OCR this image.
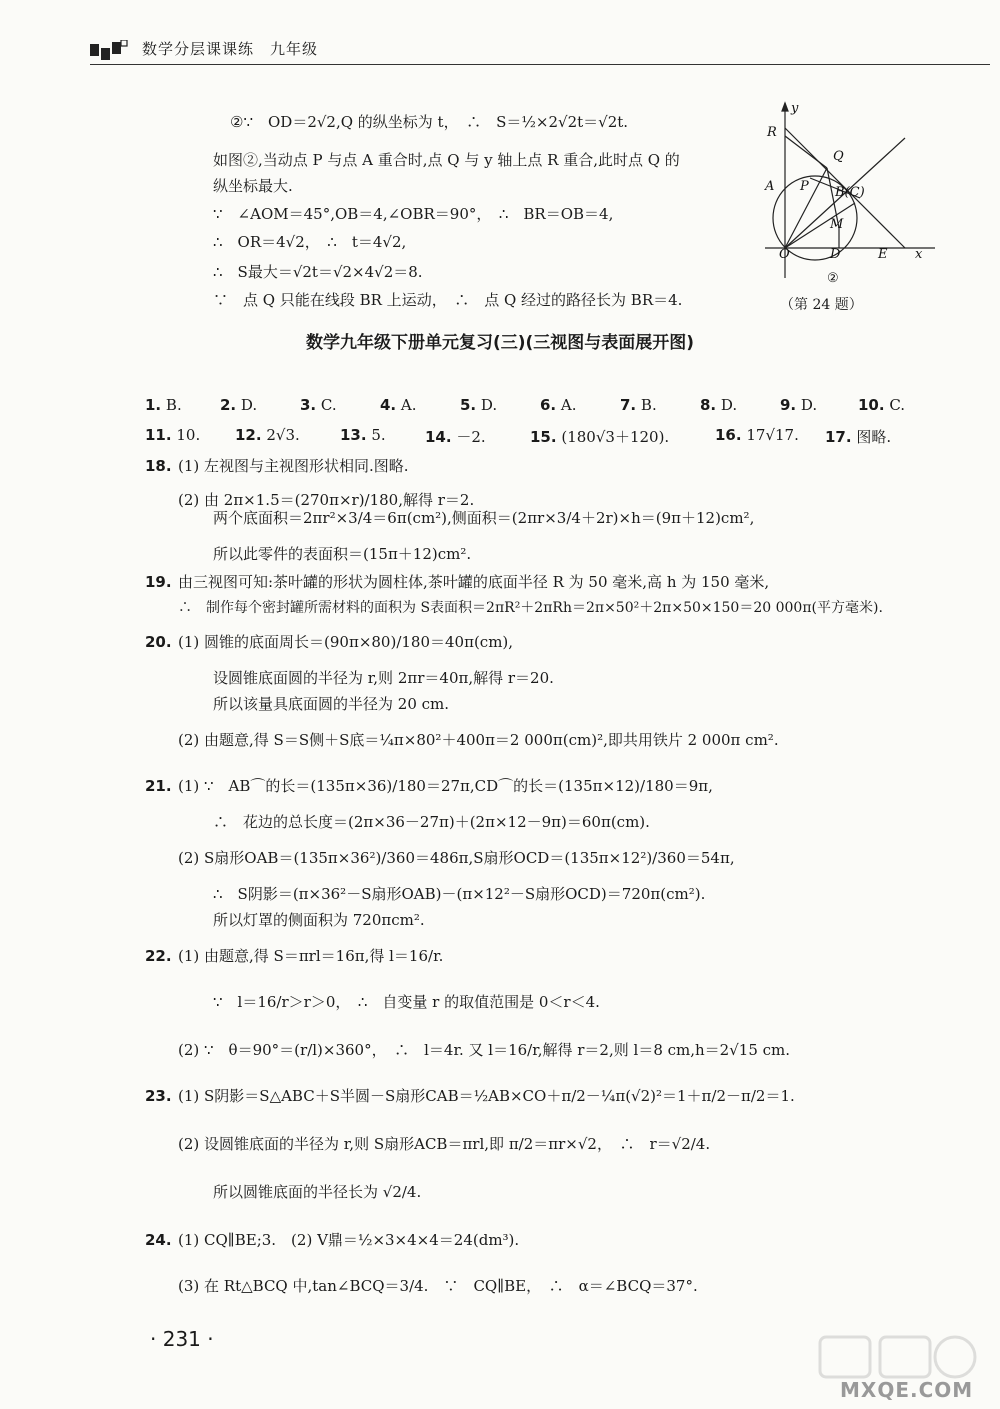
数学分层课课练　九年级
②∵　OD＝2√2,Q 的纵坐标为 t，　∴　S＝½×2√2t＝√2t.
如图②,当动点 P 与点 A 重合时,点 Q 与 y 轴上点 R 重合,此时点 Q 的
纵坐标最大.
∵　∠AOM＝45°,OB＝4,∠OBR＝90°，　∴　BR＝OB＝4,
∴　OR＝4√2，　∴　t＝4√2,
∴　S最大＝√2t＝√2×4√2＝8.
∵　点 Q 只能在线段 BR 上运动，　∴　点 Q 经过的路径长为 BR＝4.
y
R
Q
A P B(C)
M
O	D	E x
②
（第 24 题）
数学九年级下册单元复习(三)(三视图与表面展开图)
1. B.	2. D.	3. C.	4. A.	5. D.	6. A.	7. B.	8. D.	9. D.	10. C.
11. 10. 12. 2√3.	13. 5.	14. －2.	15. (180√3＋120).	16. 17√17. 17. 图略.
18. (1) 左视图与主视图形状相同.图略.
(2) 由 2π×1.5＝(270π×r)/180,解得 r＝2.
两个底面积＝2πr²×3/4＝6π(cm²),侧面积＝(2πr×3/4＋2r)×h＝(9π＋12)cm²,
所以此零件的表面积＝(15π＋12)cm².
19. 由三视图可知:茶叶罐的形状为圆柱体,茶叶罐的底面半径 R 为 50 毫米,高 h 为 150 毫米,
∴　制作每个密封罐所需材料的面积为 S表面积＝2πR²＋2πRh＝2π×50²＋2π×50×150＝20 000π(平方毫米).
20. (1) 圆锥的底面周长＝(90π×80)/180＝40π(cm),
设圆锥底面圆的半径为 r,则 2πr＝40π,解得 r＝20.
所以该量具底面圆的半径为 20 cm.
(2) 由题意,得 S＝S侧＋S底＝¼π×80²＋400π＝2 000π(cm)²,即共用铁片 2 000π cm².
21. (1) ∵　AB⌒的长＝(135π×36)/180＝27π,CD⌒的长＝(135π×12)/180＝9π,
∴　花边的总长度＝(2π×36－27π)＋(2π×12－9π)＝60π(cm).
(2) S扇形OAB＝(135π×36²)/360＝486π,S扇形OCD＝(135π×12²)/360＝54π,
∴　S阴影＝(π×36²－S扇形OAB)－(π×12²－S扇形OCD)＝720π(cm²).
所以灯罩的侧面积为 720πcm².
22. (1) 由题意,得 S＝πrl＝16π,得 l＝16/r.
∵　l＝16/r＞r＞0，　∴　自变量 r 的取值范围是 0＜r＜4.
(2) ∵　θ＝90°＝(r/l)×360°，　∴　l＝4r. 又 l＝16/r,解得 r＝2,则 l＝8 cm,h＝2√15 cm.
23. (1) S阴影＝S△ABC＋S半圆－S扇形CAB＝½AB×CO＋π/2－¼π(√2)²＝1＋π/2－π/2＝1.
(2) 设圆锥底面的半径为 r,则 S扇形ACB＝πrl,即 π/2＝πr×√2，　∴　r＝√2/4.
所以圆锥底面的半径长为 √2/4.
24. (1) CQ∥BE;3.　(2) V鼎＝½×3×4×4＝24(dm³).
(3) 在 Rt△BCQ 中,tan∠BCQ＝3/4.　∵　CQ∥BE，　∴　α＝∠BCQ＝37°.
· 231 ·
MXQE.COM
